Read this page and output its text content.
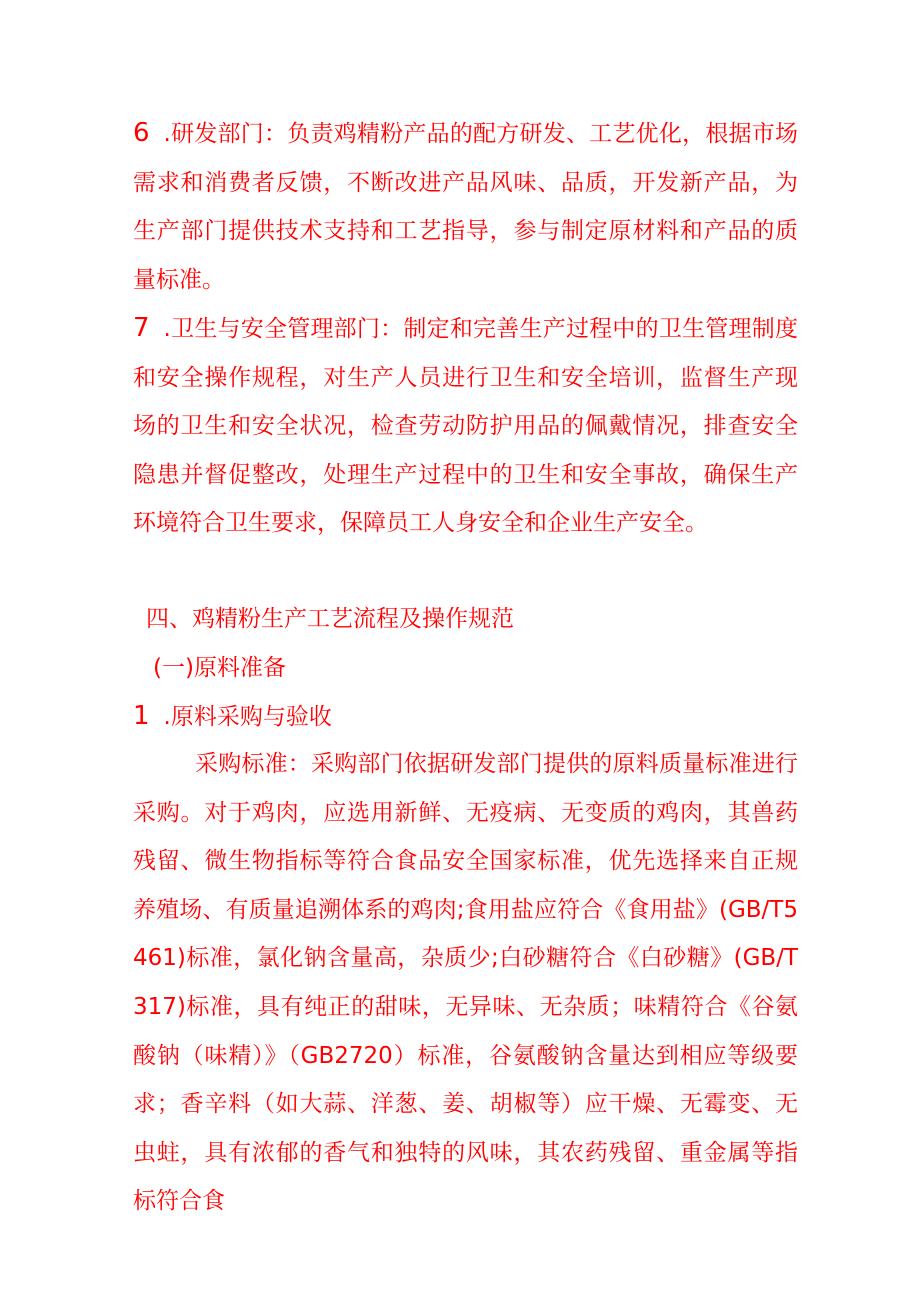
6 .研发部门：负责鸡精粉产品的配方研发、工艺优化，根据市场需求和消费者反馈，不断改进产品风味、品质，开发新产品，为生产部门提供技术支持和工艺指导，参与制定原材料和产品的质量标准。

7 .卫生与安全管理部门：制定和完善生产过程中的卫生管理制度和安全操作规程，对生产人员进行卫生和安全培训，监督生产现场的卫生和安全状况，检查劳动防护用品的佩戴情况，排查安全隐患并督促整改，处理生产过程中的卫生和安全事故，确保生产环境符合卫生要求，保障员工人身安全和企业生产安全。

四、鸡精粉生产工艺流程及操作规范

(一)原料准备

1 .原料采购与验收

采购标准：采购部门依据研发部门提供的原料质量标准进行采购。对于鸡肉，应选用新鲜、无疫病、无变质的鸡肉，其兽药残留、微生物指标等符合食品安全国家标准，优先选择来自正规养殖场、有质量追溯体系的鸡肉;食用盐应符合《食用盐》(GB/T5461)标准，氯化钠含量高，杂质少;白砂糖符合《白砂糖》(GB/T317)标准，具有纯正的甜味，无异味、无杂质；味精符合《谷氨酸钠（味精）》（GB2720）标准，谷氨酸钠含量达到相应等级要求；香辛料（如大蒜、洋葱、姜、胡椒等）应干燥、无霉变、无虫蛀，具有浓郁的香气和独特的风味，其农药残留、重金属等指标符合食
